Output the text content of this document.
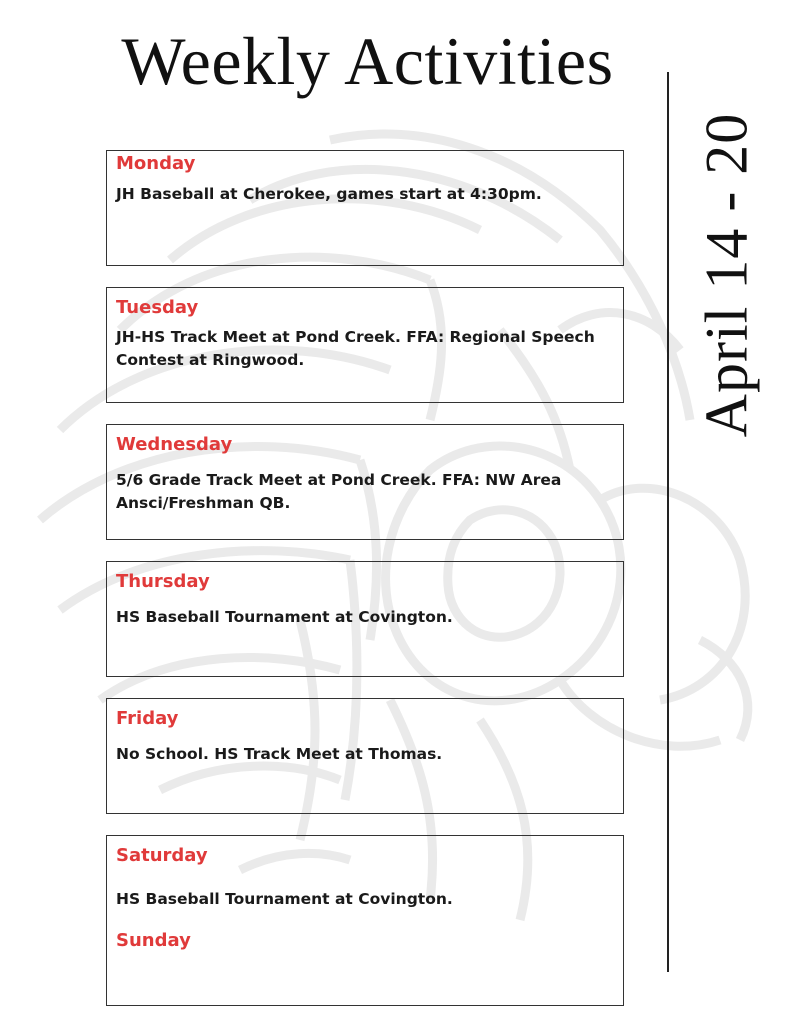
Weekly Activities
April 14 - 20
Monday
JH Baseball at Cherokee, games start at 4:30pm.
Tuesday
JH-HS Track Meet at Pond Creek. FFA: Regional Speech Contest at Ringwood.
Wednesday
5/6 Grade Track Meet at Pond Creek. FFA: NW Area Ansci/Freshman QB.
Thursday
HS Baseball Tournament at Covington.
Friday
No School. HS Track Meet at Thomas.
Saturday
HS Baseball Tournament at Covington.
Sunday
